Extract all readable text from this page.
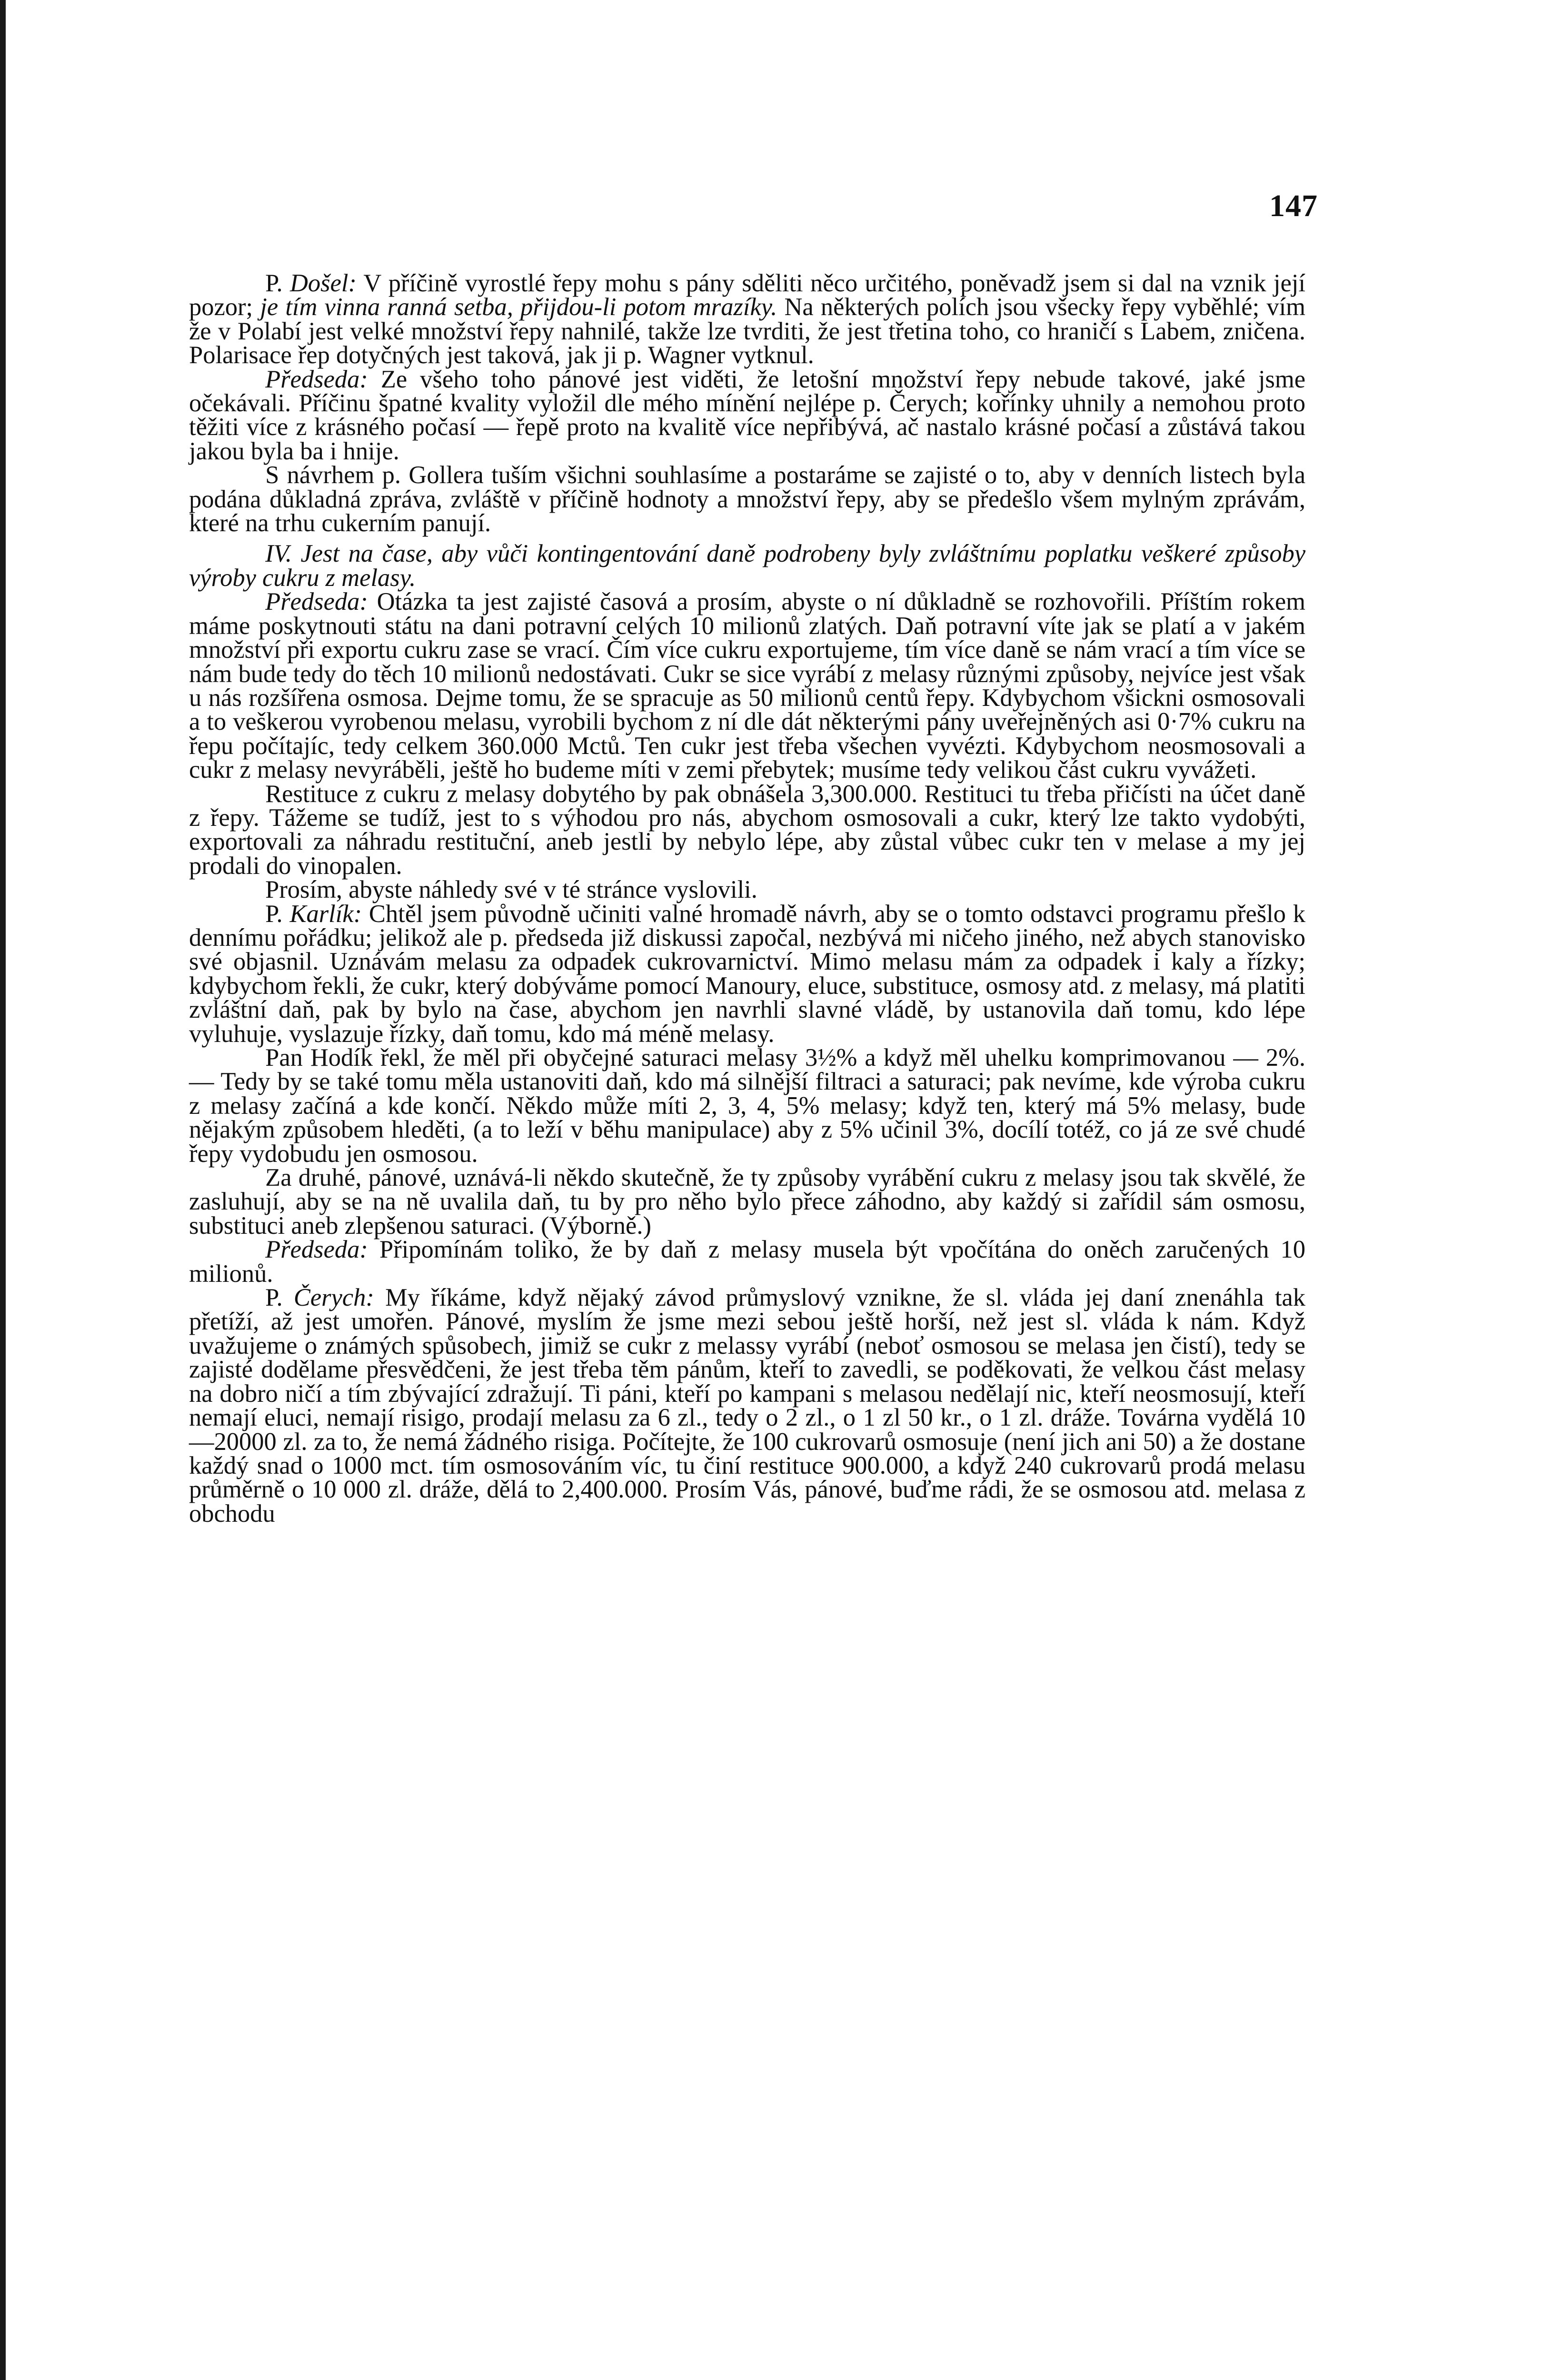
147

P. Došel: V příčině vyrostlé řepy mohu s pány sděliti něco určitého, poněvadž jsem si dal na vznik její pozor; je tím vinna ranná setba, přijdou-li potom mrazíky. Na některých polích jsou všecky řepy vyběhlé; vím že v Polabí jest velké množství řepy nahnilé, takže lze tvrditi, že jest třetina toho, co hraničí s Labem, zničena. Polarisace řep dotyčných jest taková, jak ji p. Wagner vytknul.

Předseda: Ze všeho toho pánové jest viděti, že letošní množství řepy nebude takové, jaké jsme očekávali. Příčinu špatné kvality vyložil dle mého mínění nejlépe p. Čerych; kořínky uhnily a nemohou proto těžiti více z krásného počasí — řepě proto na kvalitě více nepřibývá, ač nastalo krásné počasí a zůstává takou jakou byla ba i hnije.

S návrhem p. Gollera tuším všichni souhlasíme a postaráme se zajisté o to, aby v denních listech byla podána důkladná zpráva, zvláště v příčině hodnoty a množství řepy, aby se předešlo všem mylným zprávám, které na trhu cukerním panují.

IV. Jest na čase, aby vůči kontingentování daně podrobeny byly zvláštnímu poplatku veškeré způsoby výroby cukru z melasy.

Předseda: Otázka ta jest zajisté časová a prosím, abyste o ní důkladně se rozhovořili. Příštím rokem máme poskytnouti státu na dani potravní celých 10 milionů zlatých. Daň potravní víte jak se platí a v jakém množství při exportu cukru zase se vrací. Čím více cukru exportujeme, tím více daně se nám vrací a tím více se nám bude tedy do těch 10 milionů nedostávati. Cukr se sice vyrábí z melasy různými způsoby, nejvíce jest však u nás rozšířena osmosa. Dejme tomu, že se spracuje as 50 milionů centů řepy. Kdybychom všickni osmosovali a to veškerou vyrobenou melasu, vyrobili bychom z ní dle dát některými pány uveřejněných asi 0·7% cukru na řepu počítajíc, tedy celkem 360.000 Mctů. Ten cukr jest třeba všechen vyvézti. Kdybychom neosmosovali a cukr z melasy nevyráběli, ještě ho budeme míti v zemi přebytek; musíme tedy velikou část cukru vyvážeti.

Restituce z cukru z melasy dobytého by pak obnášela 3,300.000. Restituci tu třeba přičísti na účet daně z řepy. Tážeme se tudíž, jest to s výhodou pro nás, abychom osmosovali a cukr, který lze takto vydobýti, exportovali za náhradu restituční, aneb jestli by nebylo lépe, aby zůstal vůbec cukr ten v melase a my jej prodali do vinopalen.

Prosím, abyste náhledy své v té stránce vyslovili.

P. Karlík: Chtěl jsem původně učiniti valné hromadě návrh, aby se o tomto odstavci programu přešlo k dennímu pořádku; jelikož ale p. předseda již diskussi započal, nezbývá mi ničeho jiného, než abych stanovisko své objasnil. Uznávám melasu za odpadek cukrovarnictví. Mimo melasu mám za odpadek i kaly a řízky; kdybychom řekli, že cukr, který dobýváme pomocí Manoury, eluce, substituce, osmosy atd. z melasy, má platiti zvláštní daň, pak by bylo na čase, abychom jen navrhli slavné vládě, by ustanovila daň tomu, kdo lépe vyluhuje, vyslazuje řízky, daň tomu, kdo má méně melasy.

Pan Hodík řekl, že měl při obyčejné saturaci melasy 3½% a když měl uhelku komprimovanou — 2%. — Tedy by se také tomu měla ustanoviti daň, kdo má silnější filtraci a saturaci; pak nevíme, kde výroba cukru z melasy začíná a kde končí. Někdo může míti 2, 3, 4, 5% melasy; když ten, který má 5% melasy, bude nějakým způsobem hleděti, (a to leží v běhu manipulace) aby z 5% učinil 3%, docílí totéž, co já ze své chudé řepy vydobudu jen osmosou.

Za druhé, pánové, uznává-li někdo skutečně, že ty způsoby vyrábění cukru z melasy jsou tak skvělé, že zasluhují, aby se na ně uvalila daň, tu by pro něho bylo přece záhodno, aby každý si zařídil sám osmosu, substituci aneb zlepšenou saturaci. (Výborně.)

Předseda: Připomínám toliko, že by daň z melasy musela být vpočítána do oněch zaručených 10 milionů.

P. Čerych: My říkáme, když nějaký závod průmyslový vznikne, že sl. vláda jej daní znenáhla tak přetíží, až jest umořen. Pánové, myslím že jsme mezi sebou ještě horší, než jest sl. vláda k nám. Když uvažujeme o známých spůsobech, jimiž se cukr z melassy vyrábí (neboť osmosou se melasa jen čistí), tedy se zajisté dodělame přesvědčeni, že jest třeba těm pánům, kteří to zavedli, se poděkovati, že velkou část melasy na dobro ničí a tím zbývající zdražují. Ti páni, kteří po kampani s melasou nedělají nic, kteří neosmosují, kteří nemají eluci, nemají risigo, prodají melasu za 6 zl., tedy o 2 zl., o 1 zl 50 kr., o 1 zl. dráže. Továrna vydělá 10—20000 zl. za to, že nemá žádného risiga. Počítejte, že 100 cukrovarů osmosuje (není jich ani 50) a že dostane každý snad o 1000 mct. tím osmosováním víc, tu činí restituce 900.000, a když 240 cukrovarů prodá melasu průměrně o 10 000 zl. dráže, dělá to 2,400.000. Prosím Vás, pánové, buďme rádi, že se osmosou atd. melasa z obchodu
